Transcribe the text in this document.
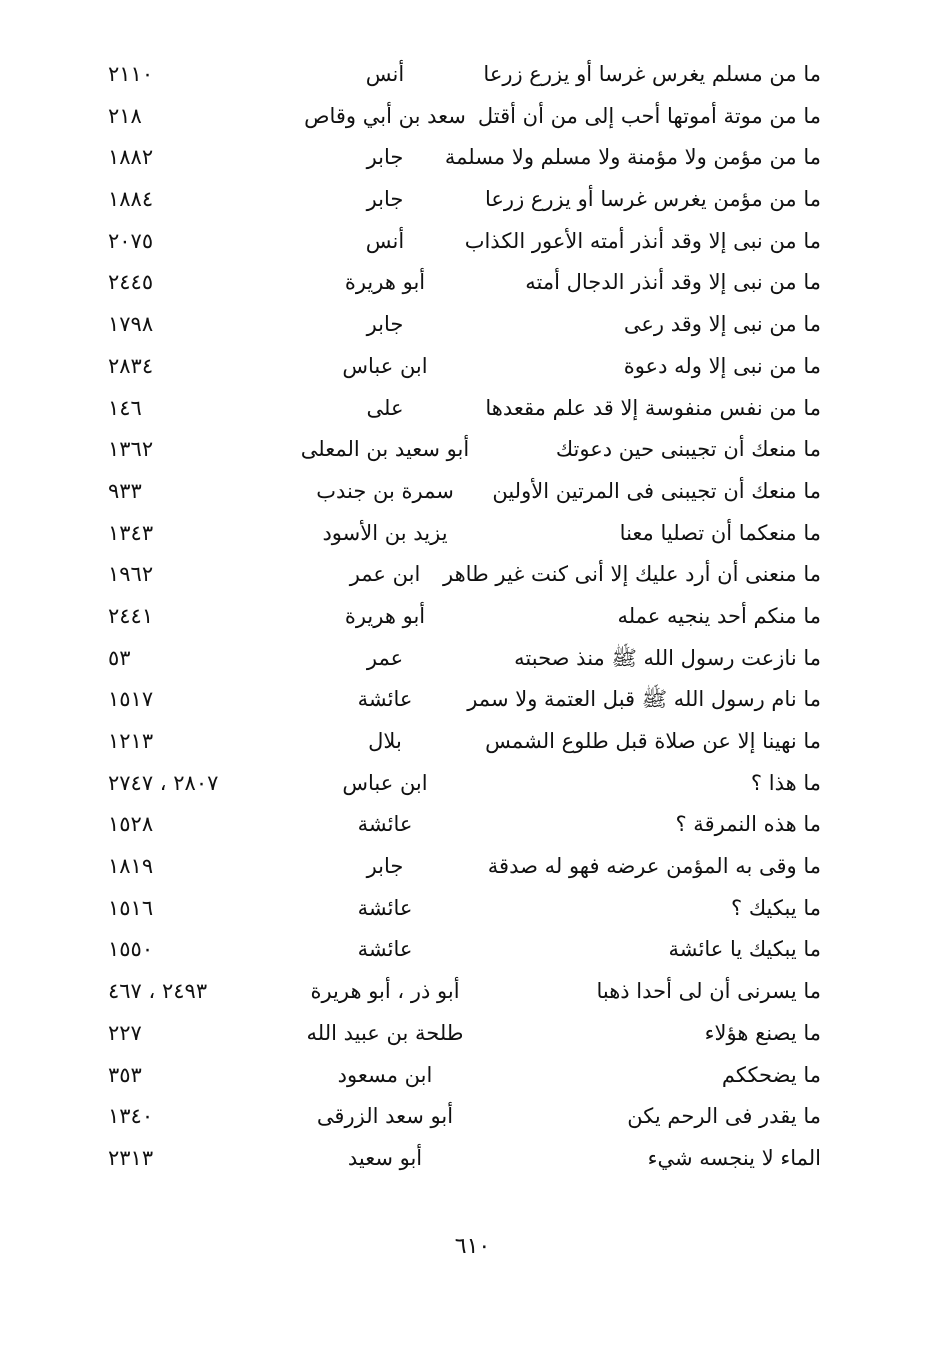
ما من مسلم يغرس غرسا أو يزرع زرعا
أنس
٢١١٠
ما من موتة أموتها أحب إلى من أن أقتل
سعد بن أبي وقاص
٢١٨
ما من مؤمن ولا مؤمنة ولا مسلم ولا مسلمة
جابر
١٨٨٢
ما من مؤمن يغرس غرسا أو يزرع زرعا
جابر
١٨٨٤
ما من نبى إلا وقد أنذر أمته الأعور الكذاب
أنس
٢٠٧٥
ما من نبى إلا وقد أنذر الدجال أمته
أبو هريرة
٢٤٤٥
ما من نبى إلا وقد رعى
جابر
١٧٩٨
ما من نبى إلا وله دعوة
ابن عباس
٢٨٣٤
ما من نفس منفوسة إلا قد علم مقعدها
على
١٤٦
ما منعك أن تجيبنى حين دعوتك
أبو سعيد بن المعلى
١٣٦٢
ما منعك أن تجيبنى فى المرتين الأولين
سمرة بن جندب
٩٣٣
ما منعكما أن تصليا معنا
يزيد بن الأسود
١٣٤٣
ما منعنى أن أرد عليك إلا أنى كنت غير طاهر
ابن عمر
١٩٦٢
ما منكم أحد ينجيه عمله
أبو هريرة
٢٤٤١
ما نازعت رسول الله ﷺ منذ صحبته
عمر
٥٣
ما نام رسول الله ﷺ قبل العتمة ولا سمر
عائشة
١٥١٧
ما نهينا إلا عن صلاة قبل طلوع الشمس
بلال
١٢١٣
ما هذا ؟
ابن عباس
٢٨٠٧ ، ٢٧٤٧
ما هذه النمرقة ؟
عائشة
١٥٢٨
ما وقى به المؤمن عرضه فهو له صدقة
جابر
١٨١٩
ما يبكيك ؟
عائشة
١٥١٦
ما يبكيك يا عائشة
عائشة
١٥٥٠
ما يسرنى أن لى أحدا ذهبا
أبو ذر ، أبو هريرة
٢٤٩٣ ، ٤٦٧
ما يصنع هؤلاء
طلحة بن عبيد الله
٢٢٧
ما يضحككم
ابن مسعود
٣٥٣
ما يقدر فى الرحم يكن
أبو سعد الزرقى
١٣٤٠
الماء لا ينجسه شيء
أبو سعيد
٢٣١٣
٦١٠
